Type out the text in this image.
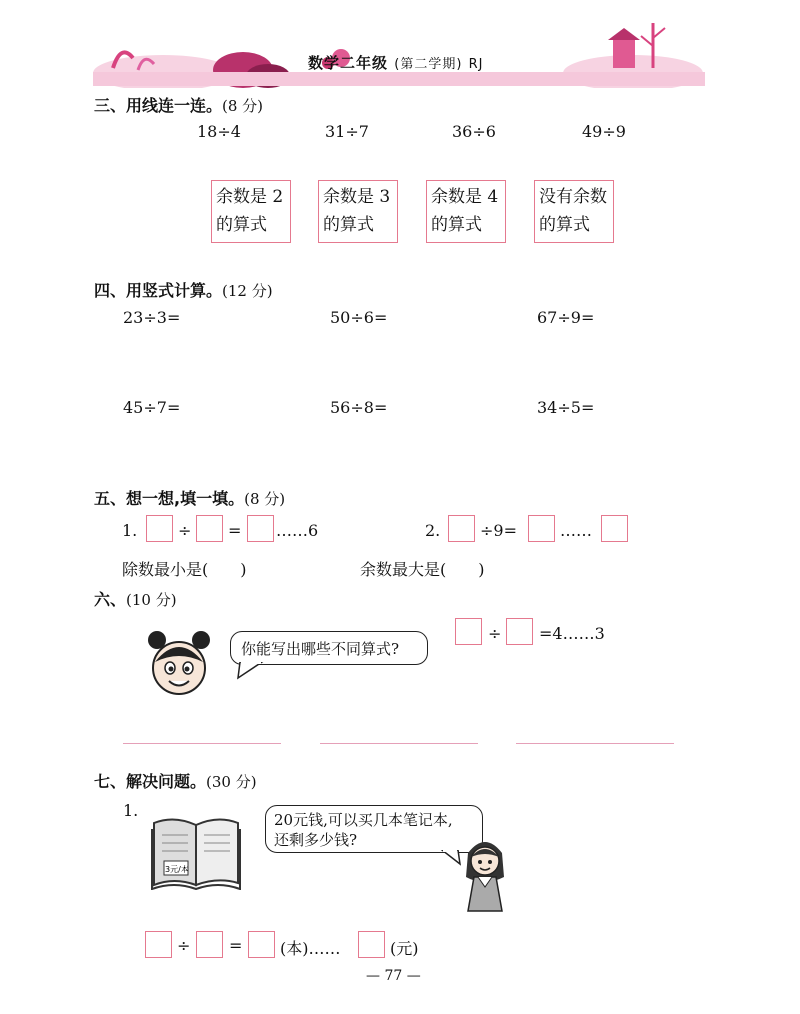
数学二年级 (第二学期) RJ
三、用线连一连。(8 分)
18÷4	31÷7	36÷6	49÷9
余数是 2
的算式
余数是 3
的算式
余数是 4
的算式
没有余数
的算式
四、用竖式计算。(12 分)
23÷3=	50÷6=	67÷9=
45÷7=	56÷8=	34÷5=
五、想一想,填一填。(8 分)
1.	÷ = ……6
除数最小是(　　)
2. ÷9=	……
余数最大是(　　)
六、(10 分)
你能写出哪些不同算式?
÷ =4……3
七、解决问题。(30 分)
1.
3元/本
20元钱,可以买几本笔记本,
还剩多少钱?
÷ = (本)……	(元)
— 77 —
